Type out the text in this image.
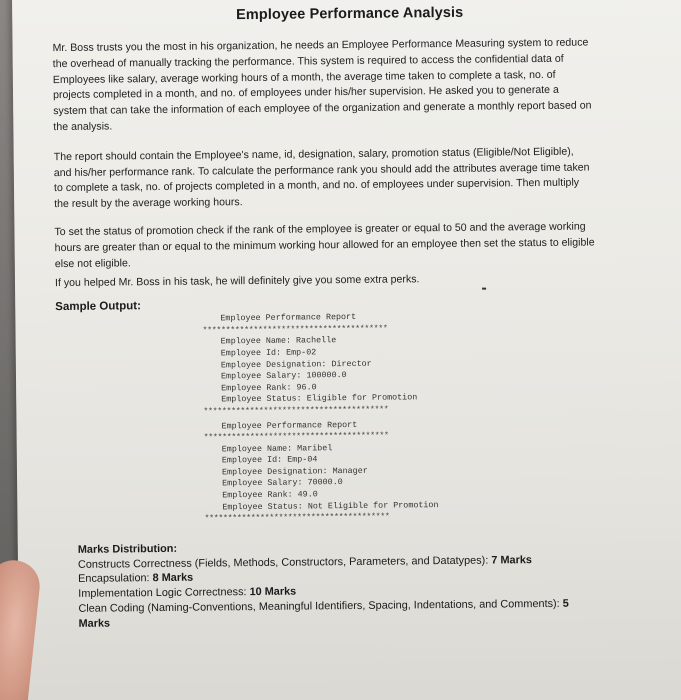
Employee Performance Analysis

Mr. Boss trusts you the most in his organization, he needs an Employee Performance Measuring system to reduce the overhead of manually tracking the performance. This system is required to access the confidential data of Employees like salary, average working hours of a month, the average time taken to complete a task, no. of projects completed in a month, and no. of employees under his/her supervision. He asked you to generate a system that can take the information of each employee of the organization and generate a monthly report based on the analysis.

The report should contain the Employee's name, id, designation, salary, promotion status (Eligible/Not Eligible), and his/her performance rank. To calculate the performance rank you should add the attributes average time taken to complete a task, no. of projects completed in a month, and no. of employees under supervision. Then multiply the result by the average working hours.

To set the status of promotion check if the rank of the employee is greater or equal to 50 and the average working hours are greater than or equal to the minimum working hour allowed for an employee then set the status to eligible else not eligible.

If you helped Mr. Boss in his task, he will definitely give you some extra perks.

Sample Output:
Employee Performance Report
****************************************
Employee Name: Rachelle
Employee Id: Emp-02
Employee Designation: Director
Employee Salary: 100000.0
Employee Rank: 96.0
Employee Status: Eligible for Promotion
****************************************
Employee Performance Report
****************************************
Employee Name: Maribel
Employee Id: Emp-04
Employee Designation: Manager
Employee Salary: 70000.0
Employee Rank: 49.0
Employee Status: Not Eligible for Promotion
****************************************
Marks Distribution:
Constructs Correctness (Fields, Methods, Constructors, Parameters, and Datatypes): 7 Marks
Encapsulation: 8 Marks
Implementation Logic Correctness: 10 Marks
Clean Coding (Naming-Conventions, Meaningful Identifiers, Spacing, Indentations, and Comments): 5 Marks
